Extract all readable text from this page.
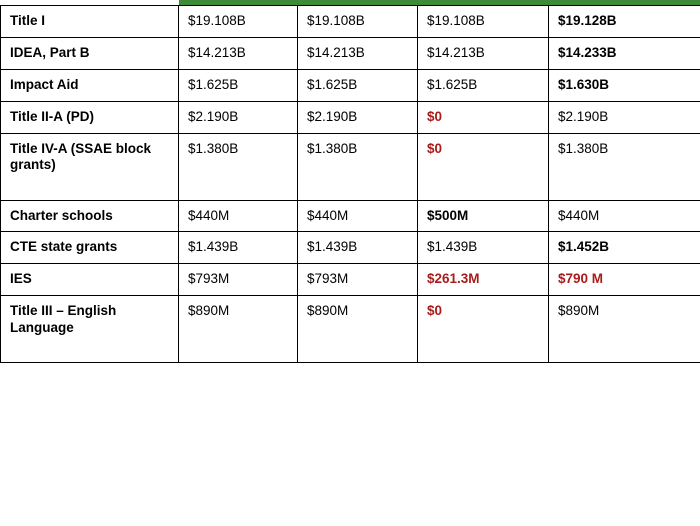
Title I	$19.108B	$19.108B	$19.108B	$19.128B
IDEA, Part B	$14.213B	$14.213B	$14.213B	$14.233B
Impact Aid	$1.625B	$1.625B	$1.625B	$1.630B
Title II-A (PD)	$2.190B	$2.190B	$0	$2.190B
Title IV-A (SSAE block grants)	$1.380B	$1.380B	$0	$1.380B
Charter schools	$440M	$440M	$500M	$440M
CTE state grants	$1.439B	$1.439B	$1.439B	$1.452B
IES	$793M	$793M	$261.3M	$790 M
Title III – English Language	$890M	$890M	$0	$890M
